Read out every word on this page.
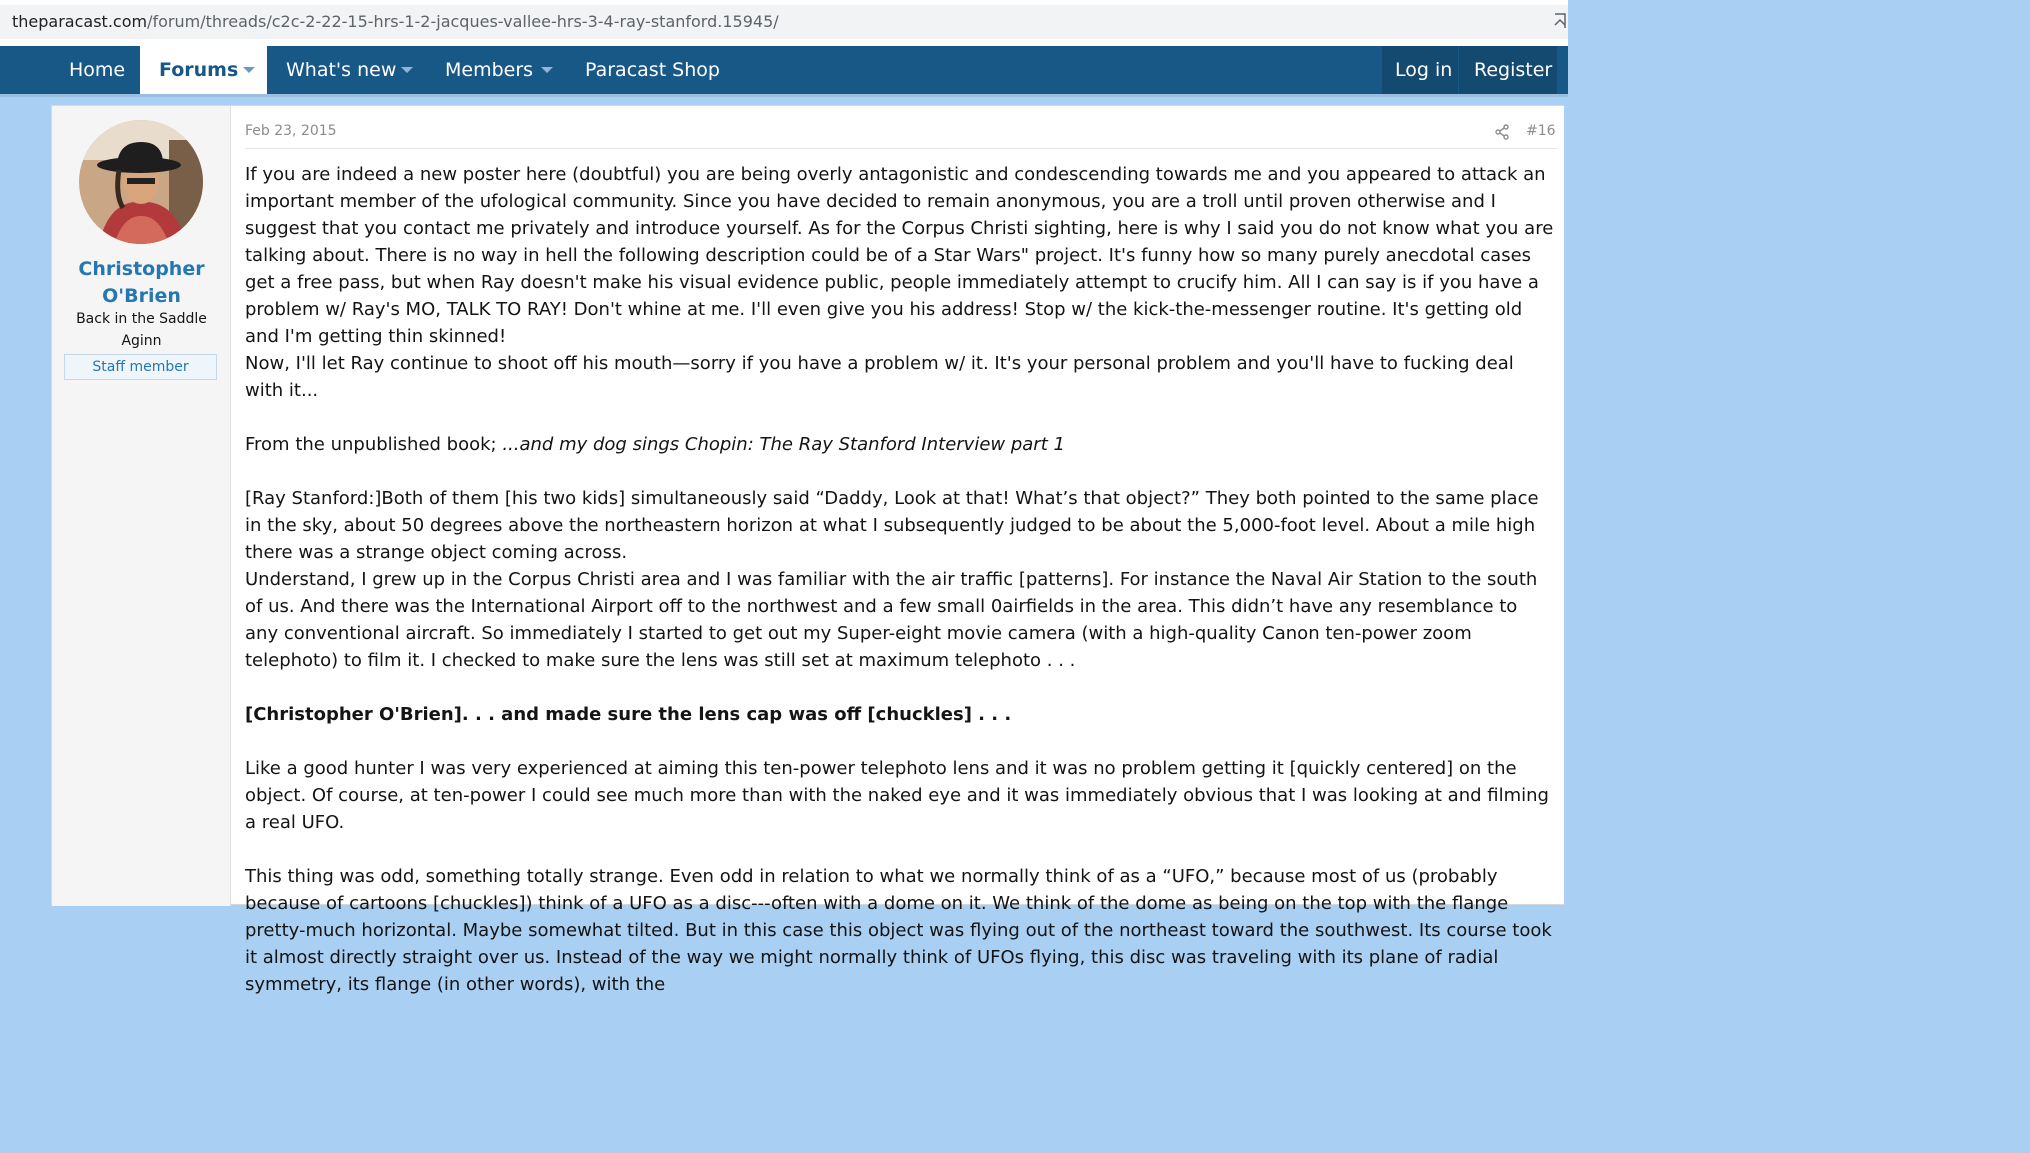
theparacast.com/forum/threads/c2c-2-22-15-hrs-1-2-jacques-vallee-hrs-3-4-ray-stanford.15945/
Home	Forums	What's new	Members	Paracast Shop	Log in Register
Christopher O'Brien
Back in the Saddle Aginn
Staff member
Feb 23, 2015	#16

If you are indeed a new poster here (doubtful) you are being overly antagonistic and condescending towards me and you appeared to attack an important member of the ufological community. Since you have decided to remain anonymous, you are a troll until proven otherwise and I suggest that you contact me privately and introduce yourself. As for the Corpus Christi sighting, here is why I said you do not know what you are talking about. There is no way in hell the following description could be of a Star Wars" project. It's funny how so many purely anecdotal cases get a free pass, but when Ray doesn't make his visual evidence public, people immediately attempt to crucify him. All I can say is if you have a problem w/ Ray's MO, TALK TO RAY! Don't whine at me. I'll even give you his address! Stop w/ the kick-the-messenger routine. It's getting old and I'm getting thin skinned!

Now, I'll let Ray continue to shoot off his mouth—sorry if you have a problem w/ it. It's your personal problem and you'll have to fucking deal with it...

From the unpublished book; ...and my dog sings Chopin: The Ray Stanford Interview part 1

[Ray Stanford:]Both of them [his two kids] simultaneously said “Daddy, Look at that! What’s that object?” They both pointed to the same place in the sky, about 50 degrees above the northeastern horizon at what I subsequently judged to be about the 5,000-foot level. About a mile high there was a strange object coming across.

Understand, I grew up in the Corpus Christi area and I was familiar with the air traffic [patterns]. For instance the Naval Air Station to the south of us. And there was the International Airport off to the northwest and a few small 0airfields in the area. This didn’t have any resemblance to any conventional aircraft. So immediately I started to get out my Super-eight movie camera (with a high-quality Canon ten-power zoom telephoto) to film it. I checked to make sure the lens was still set at maximum telephoto . . .

[Christopher O'Brien]. . . and made sure the lens cap was off [chuckles] . . .

Like a good hunter I was very experienced at aiming this ten-power telephoto lens and it was no problem getting it [quickly centered] on the object. Of course, at ten-power I could see much more than with the naked eye and it was immediately obvious that I was looking at and filming a real UFO.

This thing was odd, something totally strange. Even odd in relation to what we normally think of as a “UFO,” because most of us (probably because of cartoons [chuckles]) think of a UFO as a disc---often with a dome on it. We think of the dome as being on the top with the flange pretty-much horizontal. Maybe somewhat tilted. But in this case this object was flying out of the northeast toward the southwest. Its course took it almost directly straight over us. Instead of the way we might normally think of UFOs flying, this disc was traveling with its plane of radial symmetry, its flange (in other words), with the
